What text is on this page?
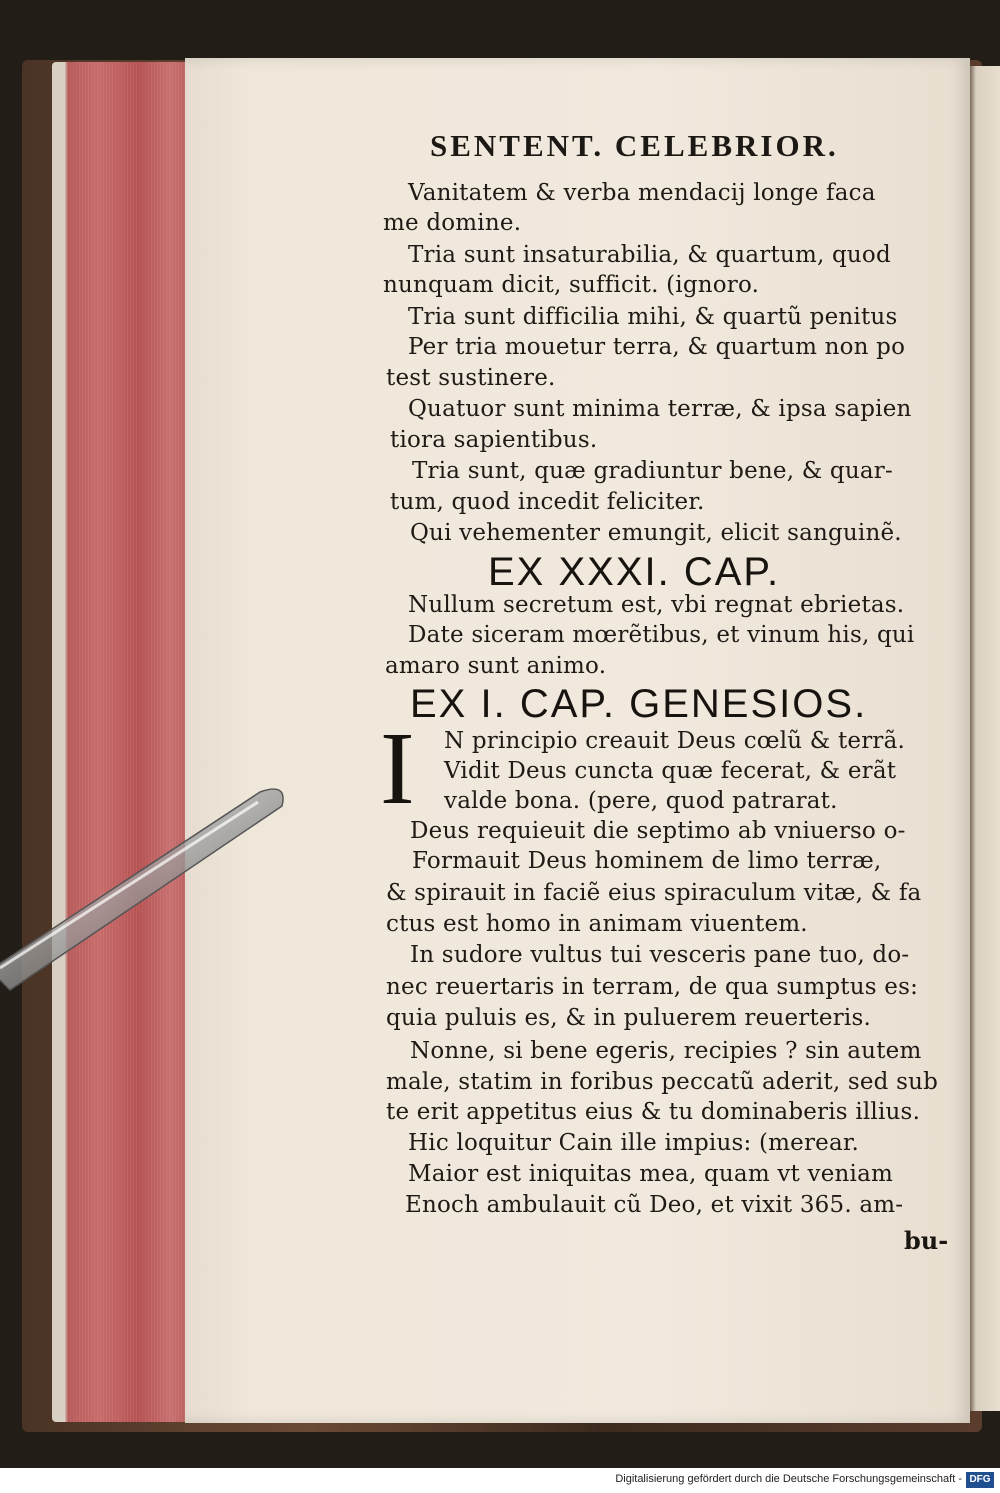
SENTENT. CELEBRIOR.
Vanitatem & verba mendacij longe faca
me domine.
Tria sunt insaturabilia, & quartum, quod
nunquam dicit, sufficit. (ignoro.
Tria sunt difficilia mihi, & quartũ penitus
Per tria mouetur terra, & quartum non po
test sustinere.
Quatuor sunt minima terræ, & ipsa sapien
tiora sapientibus.
Tria sunt, quæ gradiuntur bene, & quar-
tum, quod incedit feliciter.
Qui vehementer emungit, elicit sanguinẽ.
EX XXXI. CAP.
Nullum secretum est, vbi regnat ebrietas.
Date siceram mœrẽtibus, et vinum his, qui
amaro sunt animo.
EX I. CAP. GENESIOS.
I	N principio creauit Deus cœlũ & terrã.
Vidit Deus cuncta quæ fecerat, & erãt
valde bona. (pere, quod patrarat.
Deus requieuit die septimo ab vniuerso o-
Formauit Deus hominem de limo terræ,
& spirauit in faciẽ eius spiraculum vitæ, & fa
ctus est homo in animam viuentem.
In sudore vultus tui vesceris pane tuo, do-
nec reuertaris in terram, de qua sumptus es:
quia puluis es, & in puluerem reuerteris.
Nonne, si bene egeris, recipies ? sin autem
male, statim in foribus peccatũ aderit, sed sub
te erit appetitus eius & tu dominaberis illius.
Hic loquitur Cain ille impius: (merear.
Maior est iniquitas mea, quam vt veniam
Enoch ambulauit cũ Deo, et vixit 365. am-
bu-
Digitalisierung gefördert durch die Deutsche Forschungsgemeinschaft - DFG
